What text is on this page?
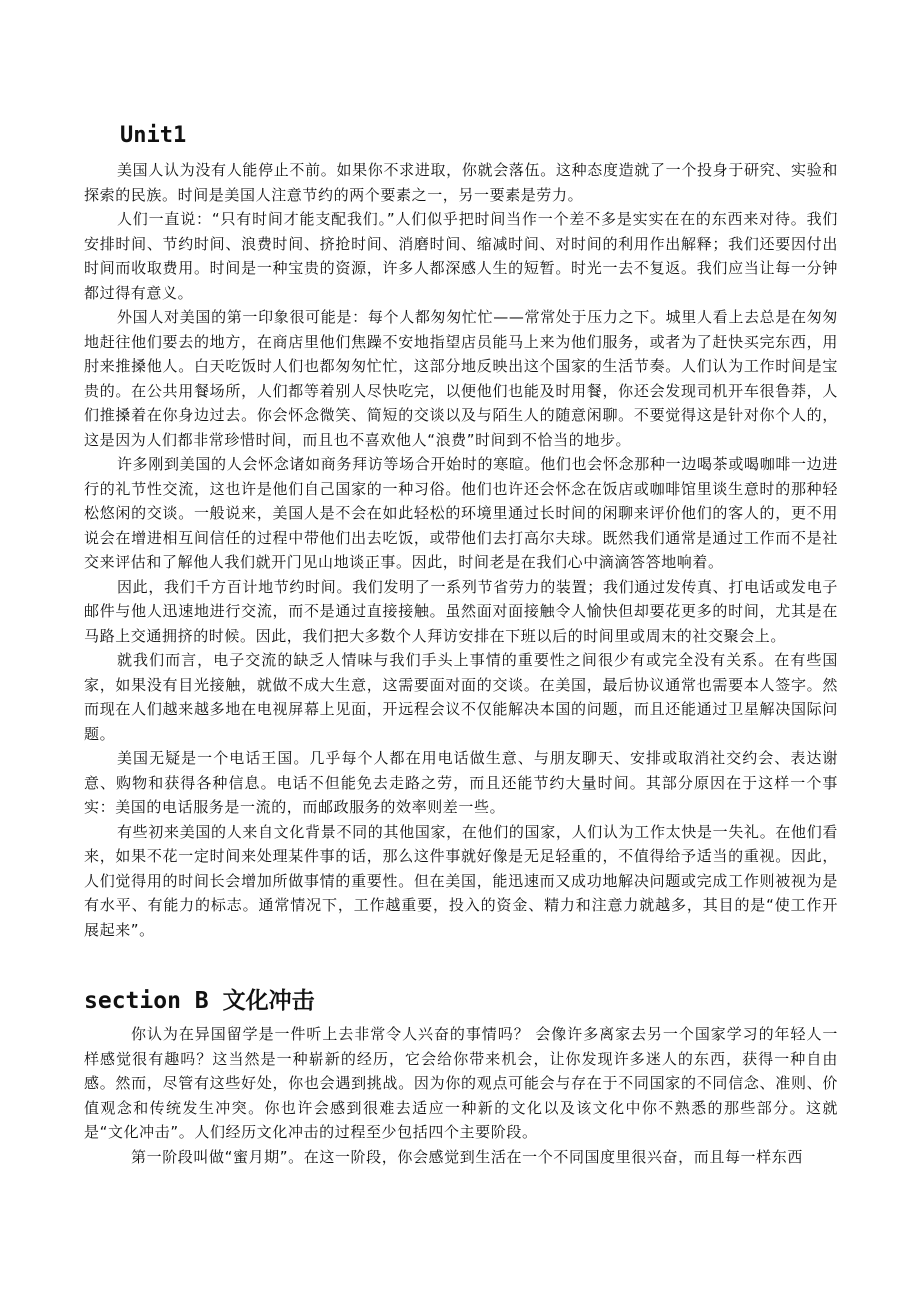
Unit1

美国人认为没有人能停止不前。如果你不求进取，你就会落伍。这种态度造就了一个投身于研究、实验和探索的民族。时间是美国人注意节约的两个要素之一，另一要素是劳力。

人们一直说：“只有时间才能支配我们。”人们似乎把时间当作一个差不多是实实在在的东西来对待。我们安排时间、节约时间、浪费时间、挤抢时间、消磨时间、缩减时间、对时间的利用作出解释；我们还要因付出时间而收取费用。时间是一种宝贵的资源，许多人都深感人生的短暂。时光一去不复返。我们应当让每一分钟都过得有意义。

外国人对美国的第一印象很可能是：每个人都匆匆忙忙——常常处于压力之下。城里人看上去总是在匆匆地赶往他们要去的地方，在商店里他们焦躁不安地指望店员能马上来为他们服务，或者为了赶快买完东西，用肘来推搡他人。白天吃饭时人们也都匆匆忙忙，这部分地反映出这个国家的生活节奏。人们认为工作时间是宝贵的。在公共用餐场所，人们都等着别人尽快吃完，以便他们也能及时用餐，你还会发现司机开车很鲁莽，人们推搡着在你身边过去。你会怀念微笑、简短的交谈以及与陌生人的随意闲聊。不要觉得这是针对你个人的，这是因为人们都非常珍惜时间，而且也不喜欢他人“浪费”时间到不恰当的地步。

许多刚到美国的人会怀念诸如商务拜访等场合开始时的寒暄。他们也会怀念那种一边喝茶或喝咖啡一边进行的礼节性交流，这也许是他们自己国家的一种习俗。他们也许还会怀念在饭店或咖啡馆里谈生意时的那种轻松悠闲的交谈。一般说来，美国人是不会在如此轻松的环境里通过长时间的闲聊来评价他们的客人的，更不用说会在增进相互间信任的过程中带他们出去吃饭，或带他们去打高尔夫球。既然我们通常是通过工作而不是社交来评估和了解他人我们就开门见山地谈正事。因此，时间老是在我们心中滴滴答答地响着。

因此，我们千方百计地节约时间。我们发明了一系列节省劳力的装置；我们通过发传真、打电话或发电子邮件与他人迅速地进行交流，而不是通过直接接触。虽然面对面接触令人愉快但却要花更多的时间，尤其是在马路上交通拥挤的时候。因此，我们把大多数个人拜访安排在下班以后的时间里或周末的社交聚会上。

就我们而言，电子交流的缺乏人情味与我们手头上事情的重要性之间很少有或完全没有关系。在有些国家，如果没有目光接触，就做不成大生意，这需要面对面的交谈。在美国，最后协议通常也需要本人签字。然而现在人们越来越多地在电视屏幕上见面，开远程会议不仅能解决本国的问题，而且还能通过卫星解决国际问题。

美国无疑是一个电话王国。几乎每个人都在用电话做生意、与朋友聊天、安排或取消社交约会、表达谢意、购物和获得各种信息。电话不但能免去走路之劳，而且还能节约大量时间。其部分原因在于这样一个事实：美国的电话服务是一流的，而邮政服务的效率则差一些。

有些初来美国的人来自文化背景不同的其他国家，在他们的国家，人们认为工作太快是一失礼。在他们看来，如果不花一定时间来处理某件事的话，那么这件事就好像是无足轻重的，不值得给予适当的重视。因此，人们觉得用的时间长会增加所做事情的重要性。但在美国，能迅速而又成功地解决问题或完成工作则被视为是有水平、有能力的标志。通常情况下，工作越重要，投入的资金、精力和注意力就越多，其目的是“使工作开展起来”。

section B 文化冲击

你认为在异国留学是一件听上去非常令人兴奋的事情吗？ 会像许多离家去另一个国家学习的年轻人一样感觉很有趣吗？这当然是一种崭新的经历，它会给你带来机会，让你发现许多迷人的东西，获得一种自由感。然而，尽管有这些好处，你也会遇到挑战。因为你的观点可能会与存在于不同国家的不同信念、准则、价值观念和传统发生冲突。你也许会感到很难去适应一种新的文化以及该文化中你不熟悉的那些部分。这就是“文化冲击”。人们经历文化冲击的过程至少包括四个主要阶段。

第一阶段叫做“蜜月期”。在这一阶段，你会感觉到生活在一个不同国度里很兴奋，而且每一样东西
